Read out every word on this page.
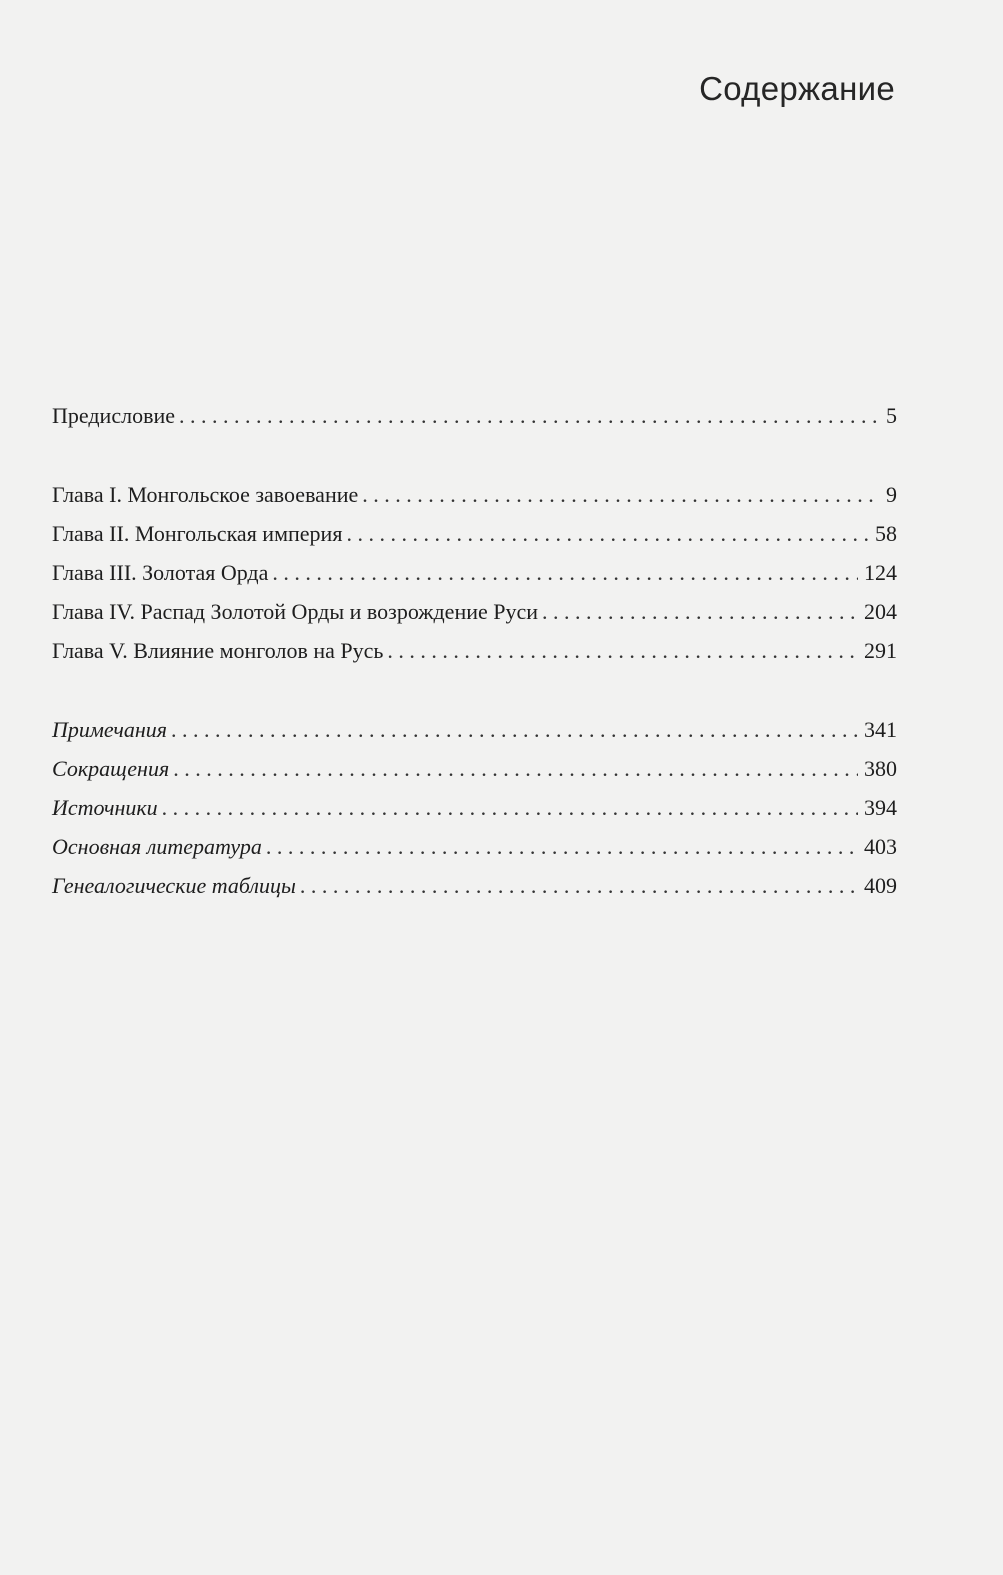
Содержание
Предисловие . . .	5
Глава I. Монгольское завоевание . . .	9
Глава II. Монгольская империя . . .	58
Глава III. Золотая Орда . . .	124
Глава IV. Распад Золотой Орды и возрождение Руси . . .	204
Глава V. Влияние монголов на Русь . . .	291
Примечания . . .	341
Сокращения . . .	380
Источники . . .	394
Основная литература . . .	403
Генеалогические таблицы . . .	409
